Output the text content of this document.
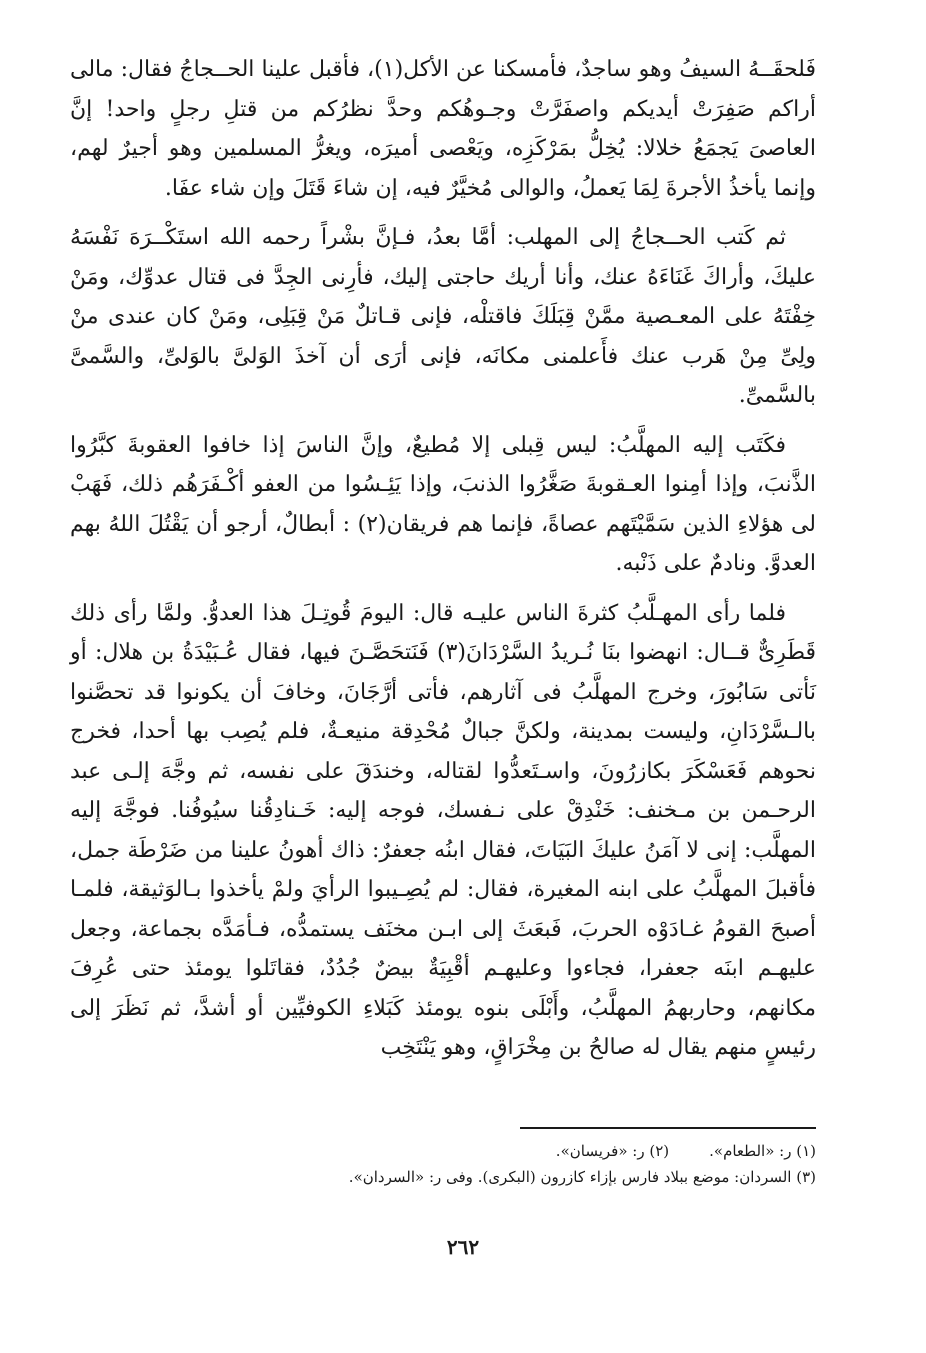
فَلحقَــهُ السيفُ وهو ساجدٌ، فأمسكنا عن الأكل(١)، فأقبل علينا الحــجاجُ فقال: مالى أراكم صَفِرَتْ أيديكم واصفَرَّتْ وجـوهُكم وحدَّ نظرُكم من قتلِ رجلٍ واحد! إنَّ العاصىَ يَجمَعُ خلالا: يُخِلُّ بمَرْكَزِه، ويَعْصى أميرَه، ويغرُّ المسلمين وهو أجيرٌ لهم، وإنما يأخذُ الأجرةَ لِمَا يَعملُ، والوالى مُخيَّرٌ فيه، إن شاءَ قَتَلَ وإن شاء عفَا.

ثم كَتب الحــجاجُ إلى المهلب: أمَّا بعدُ، فـإنَّ بشْراً رحمه الله استَكْــرَهَ نَفْسَهُ عليكَ، وأراكَ غَنَاءَهُ عنك، وأنا أريك حاجتى إليك، فأرِنى الجِدَّ فى قتال عدوِّك، ومَنْ خِفْتَهُ على المعـصية ممَّنْ قِبَلَكَ فاقتلْه، فإنى قـاتلٌ مَنْ قِبَلِى، ومَنْ كان عندى منْ ولِىِّ مِنْ هَرب عنك فأَعلمنى مكانَه، فإنى أرَى أن آخذَ الوَلىَّ بالوَلىِّ، والسَّمىَّ بالسَّمىِّ.

فكَتَب إليه المهلَّبُ: ليس قِبلى إلا مُطيعٌ، وإنَّ الناسَ إذا خافوا العقوبةَ كبَّرُوا الذَّنبَ، وإذا أمِنوا العـقوبةَ صَغَّرُوا الذنبَ، وإذا يَئِـسُوا من العفو أكْـفَرَهُم ذلك، فَهَبْ لى هؤلاءِ الذين سَمَّيْتَهم عصاةً، فإنما هم فريقان(٢) : أبطالٌ، أرجو أن يَقْتُلَ اللهُ بهم العدوَّ. ونادمٌ على ذَنْبه.

فلما رأى المهـلَّبُ كثرةَ الناس عليـه قال: اليومَ قُوتِـلَ هذا العدوُّ. ولمَّا رأى ذلك قَطَرِىٌّ قــال: انهضوا بنَا نُـريدُ السَّرْدَانَ(٣) فَنَتحَصَّـنَ فيها، فقال عُـبَيْدَةُ بن هلال: أو نَأتى سَابُورَ، وخرج المهلَّبُ فى آثارهم، فأتى أرَّجَانَ، وخافَ أن يكونوا قد تحصَّنوا بالـسَّرْدَانِ، وليست بمدينة، ولكنَّ جبالٌ مُحْدِقة منيعـةٌ، فلم يُصِب بها أحدا، فخرج نحوهم فَعَسْكَرَ بكازرُونَ، واسـتَعدُّوا لقتاله، وخندَقَ على نفسه، ثم وجَّهَ إلـى عبد الرحـمن بن مـخنف: خَنْدِقْ على نـفسك، فوجه إليه: خَـنادِقُنا سيُوفُنا. فوجَّهَ إليه المهلَّب: إنى لا آمَنُ عليكَ البَيَاتَ، فقال ابنُه جعفرٌ: ذاك أهونُ علينا من ضَرْطَة جمل، فأقبلَ المهلَّبُ على ابنه المغيرة، فقال: لم يُصِـيبوا الرأيَ ولمْ يأخذوا بـالوَثيقة، فلمـا أصبحَ القومُ غـادَوْه الحربَ، فَبعَثَ إلى ابـن مخنَف يستمدُّه، فـأمَدَّه بجماعة، وجعل عليهـم ابنَه جعفرا، فجاءوا وعليهـم أقْبِيَةٌ بيضٌ جُدُدٌ، فقاتَلوا يومئذ حتى عُرِفَ مكانهم، وحاربهمُ المهلَّبُ، وأَبْلَى بنوه يومئذ كَبَلاءِ الكوفيِّين أو أشدَّ، ثم نَظَرَ إلى رئيسٍ منهم يقال له صالحُ بن مِخْرَاقٍ، وهو يَنْتَخِب

(١) ر: «الطعام».
(٢) ر: «فريسان».
(٣) السردان: موضع ببلاد فارس بإزاء كازرون (البكرى). وفى ر: «السردان».
٢٦٢
